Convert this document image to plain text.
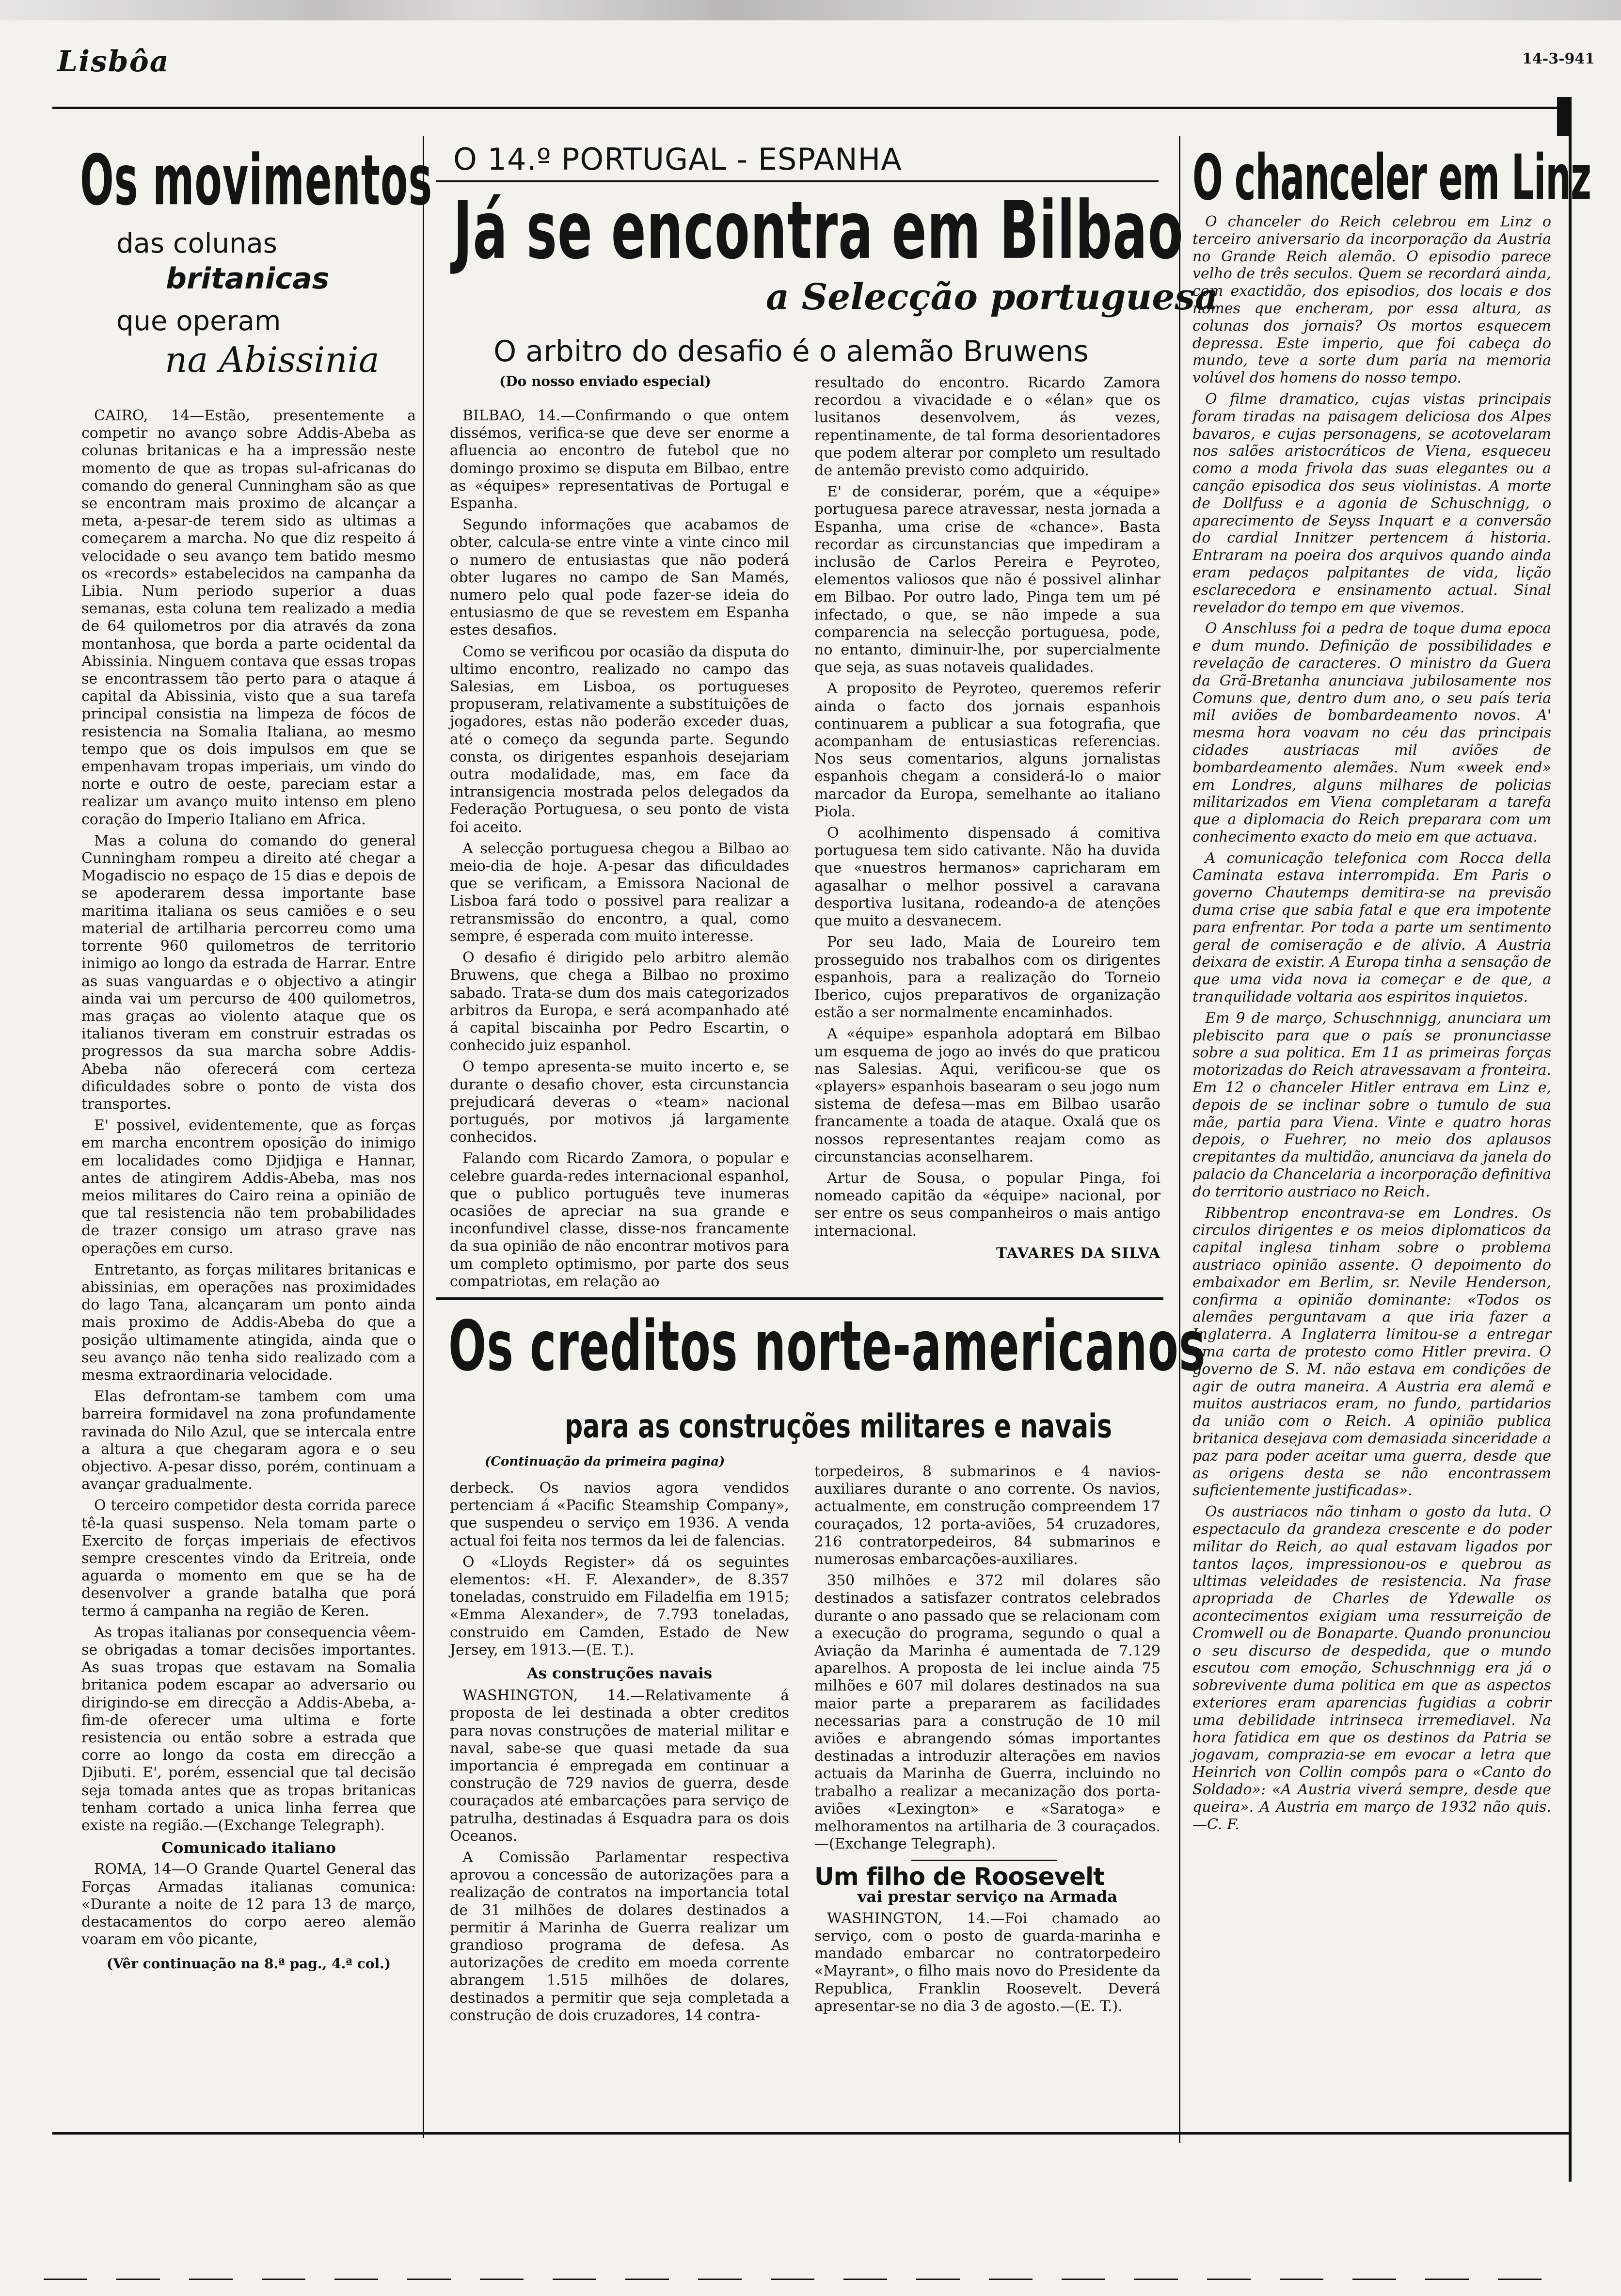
Lisbôa	14-3-941
Os movimentos
das colunas
britanicas
que operam
na Abissinia

CAIRO, 14—Estão, presentemente a competir no avanço sobre Addis-Abeba as colunas britanicas e ha a impressão neste momento de que as tropas sul-africanas do comando do general Cunningham são as que se encontram mais proximo de alcançar a meta, a-pesar-de terem sido as ultimas a começarem a marcha. No que diz respeito á velocidade o seu avanço tem batido mesmo os «records» estabelecidos na campanha da Libia. Num periodo superior a duas semanas, esta coluna tem realizado a media de 64 quilometros por dia através da zona montanhosa, que borda a parte ocidental da Abissinia. Ninguem contava que essas tropas se encontrassem tão perto para o ataque á capital da Abissinia, visto que a sua tarefa principal consistia na limpeza de fócos de resistencia na Somalia Italiana, ao mesmo tempo que os dois impulsos em que se empenhavam tropas imperiais, um vindo do norte e outro de oeste, pareciam estar a realizar um avanço muito intenso em pleno coração do Imperio Italiano em Africa.

Mas a coluna do comando do general Cunningham rompeu a direito até chegar a Mogadiscio no espaço de 15 dias e depois de se apoderarem dessa importante base maritima italiana os seus camiões e o seu material de artilharia percorreu como uma torrente 960 quilometros de territorio inimigo ao longo da estrada de Harrar. Entre as suas vanguardas e o objectivo a atingir ainda vai um percurso de 400 quilometros, mas graças ao violento ataque que os italianos tiveram em construir estradas os progressos da sua marcha sobre Addis-Abeba não oferecerá com certeza dificuldades sobre o ponto de vista dos transportes.

E' possivel, evidentemente, que as forças em marcha encontrem oposição do inimigo em localidades como Djidjiga e Hannar, antes de atingirem Addis-Abeba, mas nos meios militares do Cairo reina a opinião de que tal resistencia não tem probabilidades de trazer consigo um atraso grave nas operações em curso.

Entretanto, as forças militares britanicas e abissinias, em operações nas proximidades do lago Tana, alcançaram um ponto ainda mais proximo de Addis-Abeba do que a posição ultimamente atingida, ainda que o seu avanço não tenha sido realizado com a mesma extraordinaria velocidade.

Elas defrontam-se tambem com uma barreira formidavel na zona profundamente ravinada do Nilo Azul, que se intercala entre a altura a que chegaram agora e o seu objectivo. A-pesar disso, porém, continuam a avançar gradualmente.

O terceiro competidor desta corrida parece tê-la quasi suspenso. Nela tomam parte o Exercito de forças imperiais de efectivos sempre crescentes vindo da Eritreia, onde aguarda o momento em que se ha de desenvolver a grande batalha que porá termo á campanha na região de Keren.

As tropas italianas por consequencia vêem-se obrigadas a tomar decisões importantes. As suas tropas que estavam na Somalia britanica podem escapar ao adversario ou dirigindo-se em direcção a Addis-Abeba, a-fim-de oferecer uma ultima e forte resistencia ou então sobre a estrada que corre ao longo da costa em direcção a Djibuti. E', porém, essencial que tal decisão seja tomada antes que as tropas britanicas tenham cortado a unica linha ferrea que existe na região.—(Exchange Telegraph).

Comunicado italiano

ROMA, 14—O Grande Quartel General das Forças Armadas italianas comunica: «Durante a noite de 12 para 13 de março, destacamentos do corpo aereo alemão voaram em vôo picante,

(Vêr continuação na 8.ª pag., 4.ª col.)
O 14.º PORTUGAL - ESPANHA
Já se encontra em Bilbao
a Selecção portuguesa
O arbitro do desafio é o alemão Bruwens
(Do nosso enviado especial)

BILBAO, 14.—Confirmando o que ontem dissémos, verifica-se que deve ser enorme a afluencia ao encontro de futebol que no domingo proximo se disputa em Bilbao, entre as «équipes» representativas de Portugal e Espanha.

Segundo informações que acabamos de obter, calcula-se entre vinte a vinte cinco mil o numero de entusiastas que não poderá obter lugares no campo de San Mamés, numero pelo qual pode fazer-se ideia do entusiasmo de que se revestem em Espanha estes desafios.

Como se verificou por ocasião da disputa do ultimo encontro, realizado no campo das Salesias, em Lisboa, os portugueses propuseram, relativamente a substituições de jogadores, estas não poderão exceder duas, até o começo da segunda parte. Segundo consta, os dirigentes espanhois desejariam outra modalidade, mas, em face da intransigencia mostrada pelos delegados da Federação Portuguesa, o seu ponto de vista foi aceito.

A selecção portuguesa chegou a Bilbao ao meio-dia de hoje. A-pesar das dificuldades que se verificam, a Emissora Nacional de Lisboa fará todo o possivel para realizar a retransmissão do encontro, a qual, como sempre, é esperada com muito interesse.

O desafio é dirigido pelo arbitro alemão Bruwens, que chega a Bilbao no proximo sabado. Trata-se dum dos mais categorizados arbitros da Europa, e será acompanhado até á capital biscainha por Pedro Escartin, o conhecido juiz espanhol.

O tempo apresenta-se muito incerto e, se durante o desafio chover, esta circunstancia prejudicará deveras o «team» nacional portugués, por motivos já largamente conhecidos.

Falando com Ricardo Zamora, o popular e celebre guarda-redes internacional espanhol, que o publico português teve inumeras ocasiões de apreciar na sua grande e inconfundivel classe, disse-nos francamente da sua opinião de não encontrar motivos para um completo optimismo, por parte dos seus compatriotas, em relação ao

resultado do encontro. Ricardo Zamora recordou a vivacidade e o «élan» que os lusitanos desenvolvem, ás vezes, repentinamente, de tal forma desorientadores que podem alterar por completo um resultado de antemão previsto como adquirido.

E' de considerar, porém, que a «équipe» portuguesa parece atravessar, nesta jornada a Espanha, uma crise de «chance». Basta recordar as circunstancias que impediram a inclusão de Carlos Pereira e Peyroteo, elementos valiosos que não é possivel alinhar em Bilbao. Por outro lado, Pinga tem um pé infectado, o que, se não impede a sua comparencia na selecção portuguesa, pode, no entanto, diminuir-lhe, por supercialmente que seja, as suas notaveis qualidades.

A proposito de Peyroteo, queremos referir ainda o facto dos jornais espanhois continuarem a publicar a sua fotografia, que acompanham de entusiasticas referencias. Nos seus comentarios, alguns jornalistas espanhois chegam a considerá-lo o maior marcador da Europa, semelhante ao italiano Piola.

O acolhimento dispensado á comitiva portuguesa tem sido cativante. Não ha duvida que «nuestros hermanos» capricharam em agasalhar o melhor possivel a caravana desportiva lusitana, rodeando-a de atenções que muito a desvanecem.

Por seu lado, Maia de Loureiro tem prosseguido nos trabalhos com os dirigentes espanhois, para a realização do Torneio Iberico, cujos preparativos de organização estão a ser normalmente encaminhados.

A «équipe» espanhola adoptará em Bilbao um esquema de jogo ao invés do que praticou nas Salesias. Aqui, verificou-se que os «players» espanhois basearam o seu jogo num sistema de defesa—mas em Bilbao usarão francamente a toada de ataque. Oxalá que os nossos representantes reajam como as circunstancias aconselharem.

Artur de Sousa, o popular Pinga, foi nomeado capitão da «équipe» nacional, por ser entre os seus companheiros o mais antigo internacional.

TAVARES DA SILVA
Os creditos norte-americanos
para as construções militares e navais
(Continuação da primeira pagina)

derbeck. Os navios agora vendidos pertenciam á «Pacific Steamship Company», que suspendeu o serviço em 1936. A venda actual foi feita nos termos da lei de falencias.

O «Lloyds Register» dá os seguintes elementos: «H. F. Alexander», de 8.357 toneladas, construido em Filadelfia em 1915; «Emma Alexander», de 7.793 toneladas, construido em Camden, Estado de New Jersey, em 1913.—(E. T.).

As construções navais

WASHINGTON, 14.—Relativamente á proposta de lei destinada a obter creditos para novas construções de material militar e naval, sabe-se que quasi metade da sua importancia é empregada em continuar a construção de 729 navios de guerra, desde couraçados até embarcações para serviço de patrulha, destinadas á Esquadra para os dois Oceanos.

A Comissão Parlamentar respectiva aprovou a concessão de autorizações para a realização de contratos na importancia total de 31 milhões de dolares destinados a permitir á Marinha de Guerra realizar um grandioso programa de defesa. As autorizações de credito em moeda corrente abrangem 1.515 milhões de dolares, destinados a permitir que seja completada a construção de dois cruzadores, 14 contra-

torpedeiros, 8 submarinos e 4 navios-auxiliares durante o ano corrente. Os navios, actualmente, em construção compreendem 17 couraçados, 12 porta-aviões, 54 cruzadores, 216 contratorpedeiros, 84 submarinos e numerosas embarcações-auxiliares.

350 milhões e 372 mil dolares são destinados a satisfazer contratos celebrados durante o ano passado que se relacionam com a execução do programa, segundo o qual a Aviação da Marinha é aumentada de 7.129 aparelhos. A proposta de lei inclue ainda 75 milhões e 607 mil dolares destinados na sua maior parte a prepararem as facilidades necessarias para a construção de 10 mil aviões e abrangendo sómas importantes destinadas a introduzir alterações em navios actuais da Marinha de Guerra, incluindo no trabalho a realizar a mecanização dos porta-aviões «Lexington» e «Saratoga» e melhoramentos na artilharia de 3 couraçados.—(Exchange Telegraph).

Um filho de Roosevelt
vai prestar serviço na Armada

WASHINGTON, 14.—Foi chamado ao serviço, com o posto de guarda-marinha e mandado embarcar no contratorpedeiro «Mayrant», o filho mais novo do Presidente da Republica, Franklin Roosevelt. Deverá apresentar-se no dia 3 de agosto.—(E. T.).

O chanceler em Linz

O chanceler do Reich celebrou em Linz o terceiro aniversario da incorporação da Austria no Grande Reich alemão. O episodio parece velho de três seculos. Quem se recordará ainda, com exactidão, dos episodios, dos locais e dos nomes que encheram, por essa altura, as colunas dos jornais? Os mortos esquecem depressa. Este imperio, que foi cabeça do mundo, teve a sorte dum paria na memoria volúvel dos homens do nosso tempo.

O filme dramatico, cujas vistas principais foram tiradas na paisagem deliciosa dos Alpes bavaros, e cujas personagens, se acotovelaram nos salões aristocráticos de Viena, esqueceu como a moda frivola das suas elegantes ou a canção episodica dos seus violinistas. A morte de Dollfuss e a agonia de Schuschnigg, o aparecimento de Seyss Inquart e a conversão do cardial Innitzer pertencem á historia. Entraram na poeira dos arquivos quando ainda eram pedaços palpitantes de vida, lição esclarecedora e ensinamento actual. Sinal revelador do tempo em que vivemos.

O Anschluss foi a pedra de toque duma epoca e dum mundo. Definição de possibilidades e revelação de caracteres. O ministro da Guera da Grã-Bretanha anunciava jubilosamente nos Comuns que, dentro dum ano, o seu país teria mil aviões de bombardeamento novos. A' mesma hora voavam no céu das principais cidades austriacas mil aviões de bombardeamento alemães. Num «week end» em Londres, alguns milhares de policias militarizados em Viena completaram a tarefa que a diplomacia do Reich preparara com um conhecimento exacto do meio em que actuava.

A comunicação telefonica com Rocca della Caminata estava interrompida. Em Paris o governo Chautemps demitira-se na previsão duma crise que sabia fatal e que era impotente para enfrentar. Por toda a parte um sentimento geral de comiseração e de alivio. A Austria deixara de existir. A Europa tinha a sensação de que uma vida nova ia começar e de que, a tranquilidade voltaria aos espiritos inquietos.

Em 9 de março, Schuschnnigg, anunciara um plebiscito para que o país se pronunciasse sobre a sua politica. Em 11 as primeiras forças motorizadas do Reich atravessavam a fronteira. Em 12 o chanceler Hitler entrava em Linz e, depois de se inclinar sobre o tumulo de sua mãe, partia para Viena. Vinte e quatro horas depois, o Fuehrer, no meio dos aplausos crepitantes da multidão, anunciava da janela do palacio da Chancelaria a incorporação definitiva do territorio austriaco no Reich.

Ribbentrop encontrava-se em Londres. Os circulos dirigentes e os meios diplomaticos da capital inglesa tinham sobre o problema austriaco opinião assente. O depoimento do embaixador em Berlim, sr. Nevile Henderson, confirma a opinião dominante: «Todos os alemães perguntavam a que iria fazer a Inglaterra. A Inglaterra limitou-se a entregar uma carta de protesto como Hitler previra. O governo de S. M. não estava em condições de agir de outra maneira. A Austria era alemã e muitos austriacos eram, no fundo, partidarios da união com o Reich. A opinião publica britanica desejava com demasiada sinceridade a paz para poder aceitar uma guerra, desde que as origens desta se não encontrassem suficientemente justificadas».

Os austriacos não tinham o gosto da luta. O espectaculo da grandeza crescente e do poder militar do Reich, ao qual estavam ligados por tantos laços, impressionou-os e quebrou as ultimas veleidades de resistencia. Na frase apropriada de Charles de Ydewalle os acontecimentos exigiam uma ressurreição de Cromwell ou de Bonaparte. Quando pronunciou o seu discurso de despedida, que o mundo escutou com emoção, Schuschnnigg era já o sobrevivente duma politica em que as aspectos exteriores eram aparencias fugidias a cobrir uma debilidade intrinseca irremediavel. Na hora fatidica em que os destinos da Patria se jogavam, comprazia-se em evocar a letra que Heinrich von Collin compôs para o «Canto do Soldado»: «A Austria viverá sempre, desde que queira». A Austria em março de 1932 não quis.—C. F.
